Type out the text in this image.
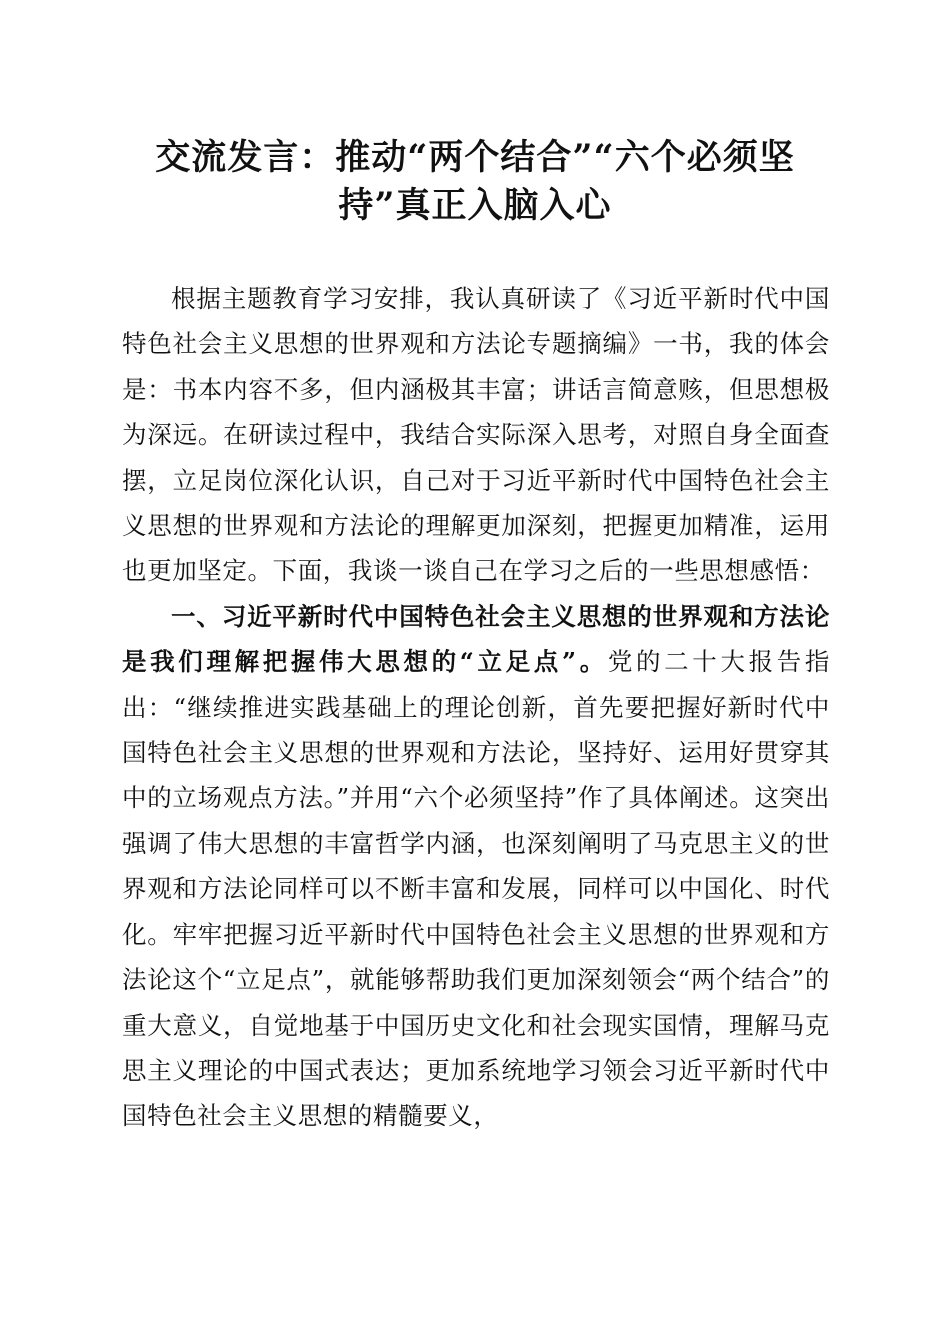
交流发言：推动“两个结合”“六个必须坚
持”真正入脑入心

根据主题教育学习安排，我认真研读了《习近平新时代中国特色社会主义思想的世界观和方法论专题摘编》一书，我的体会是：书本内容不多，但内涵极其丰富；讲话言简意赅，但思想极为深远。在研读过程中，我结合实际深入思考，对照自身全面查摆，立足岗位深化认识，自己对于习近平新时代中国特色社会主义思想的世界观和方法论的理解更加深刻，把握更加精准，运用也更加坚定。下面，我谈一谈自己在学习之后的一些思想感悟：

一、习近平新时代中国特色社会主义思想的世界观和方法论是我们理解把握伟大思想的“立足点”。党的二十大报告指出：“继续推进实践基础上的理论创新，首先要把握好新时代中国特色社会主义思想的世界观和方法论，坚持好、运用好贯穿其中的立场观点方法。”并用“六个必须坚持”作了具体阐述。这突出强调了伟大思想的丰富哲学内涵，也深刻阐明了马克思主义的世界观和方法论同样可以不断丰富和发展，同样可以中国化、时代化。牢牢把握习近平新时代中国特色社会主义思想的世界观和方法论这个“立足点”，就能够帮助我们更加深刻领会“两个结合”的重大意义，自觉地基于中国历史文化和社会现实国情，理解马克思主义理论的中国式表达；更加系统地学习领会习近平新时代中国特色社会主义思想的精髓要义，
